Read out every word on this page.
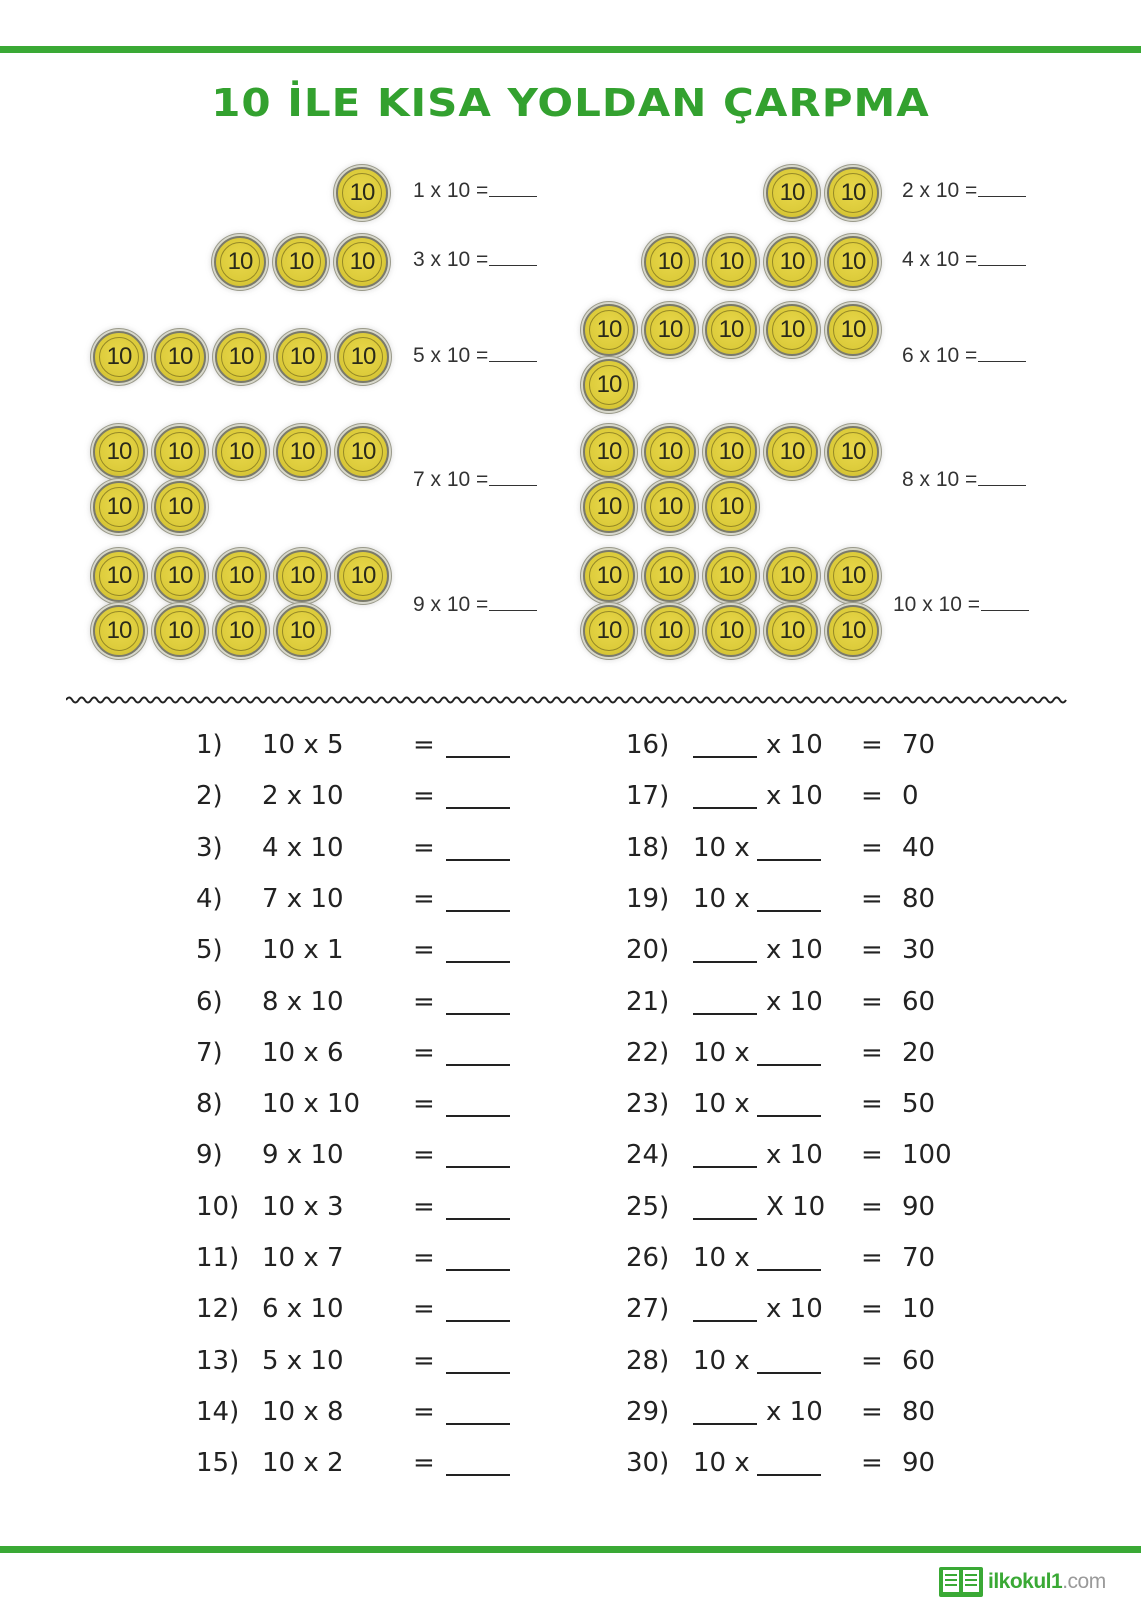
10 İLE KISA YOLDAN ÇARPMA
10	1 x 10 =	10	10	2 x 10 =
10	10	10	3 x 10 =	10	10	10	10	4 x 10 =
10	10	10	10	10	5 x 10 =
10	10	10	10	10
10
6 x 10 =
10	10	10	10	10
10	10
7 x 10 =
10	10	10	10	10
10	10	10
8 x 10 =
10	10	10	10	10
10	10	10	10
9 x 10 =
10	10	10	10	10
10	10	10	10	10
10 x 10 =
1) 10 x 5	=
2) 2 x 10	=
3) 4 x 10	=
4) 7 x 10	=
5) 10 x 1	=
6) 8 x 10	=
7) 10 x 6	=
8) 10 x 10 =
9) 9 x 10	=
10) 10 x 3	=
11) 10 x 7	=
12) 6 x 10	=
13) 5 x 10	=
14) 10 x 8	=
15) 10 x 2	=
16)	x 10 = 70
17)	x 10 = 0
18) 10 x	= 40
19) 10 x	= 80
20)	x 10 = 30
21)	x 10 = 60
22) 10 x	= 20
23) 10 x	= 50
24)	x 10 = 100
25)	X 10 = 90
26) 10 x	= 70
27)	x 10 = 10
28) 10 x	= 60
29)	x 10 = 80
30) 10 x	= 90
ilkokul1.com
